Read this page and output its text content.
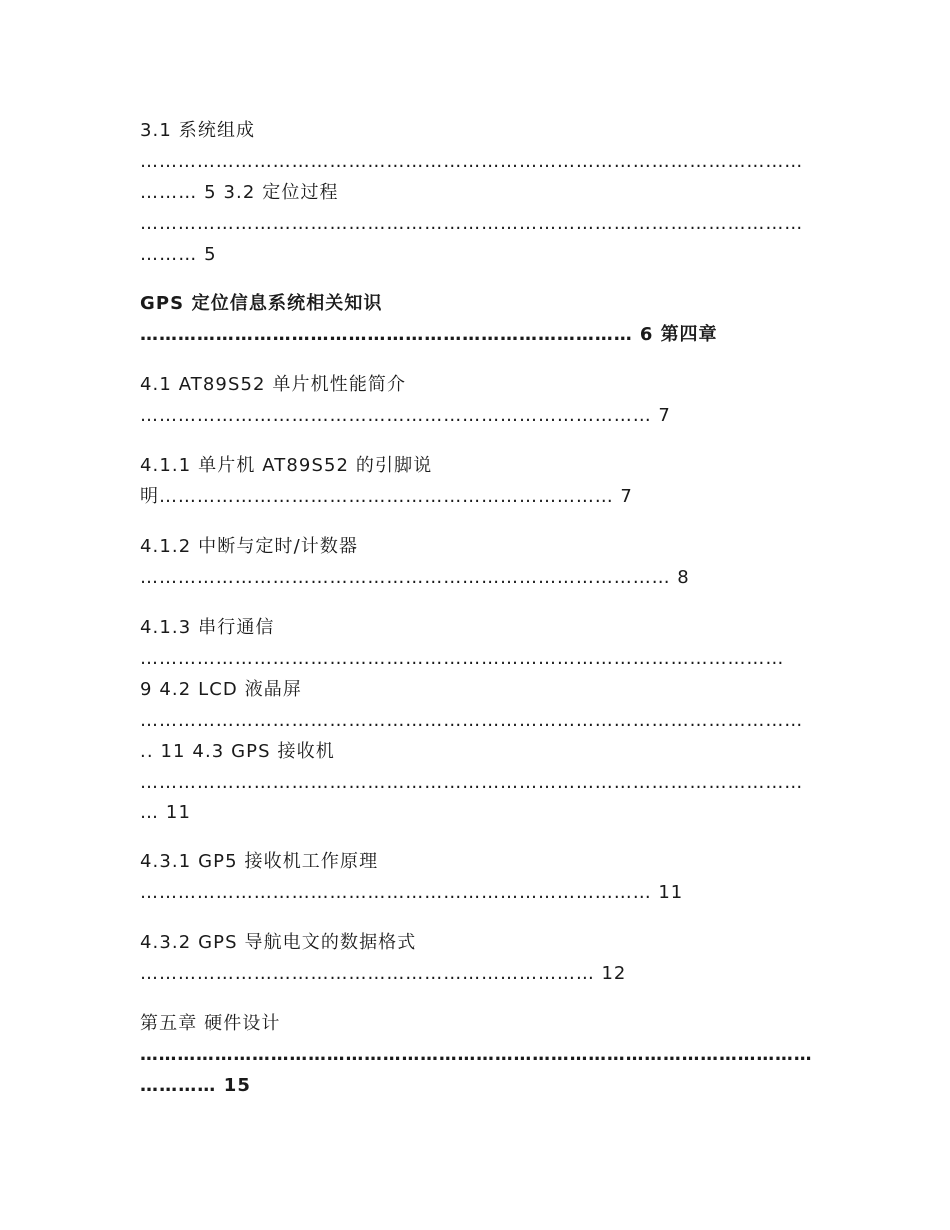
3.1 系统组成
……………………………………………………………………………………………
……… 5 3.2 定位过程
……………………………………………………………………………………………
……… 5
GPS 定位信息系统相关知识
…………………………………………………………………… 6 第四章
4.1 AT89S52 单片机性能简介
……………………………………………………………………… 7
4.1.1 单片机 AT89S52 的引脚说
明……………………………………………………………… 7
4.1.2 中断与定时/计数器
………………………………………………………………………… 8
4.1.3 串行通信
…………………………………………………………………………………………
9 4.2 LCD 液晶屏
……………………………………………………………………………………………
.. 11 4.3 GPS 接收机
……………………………………………………………………………………………
… 11
4.3.1 GP5 接收机工作原理
……………………………………………………………………… 11
4.3.2 GPS 导航电文的数据格式
……………………………………………………………… 12
第五章 硬件设计
………………………………………………………………………………………………
………… 15
